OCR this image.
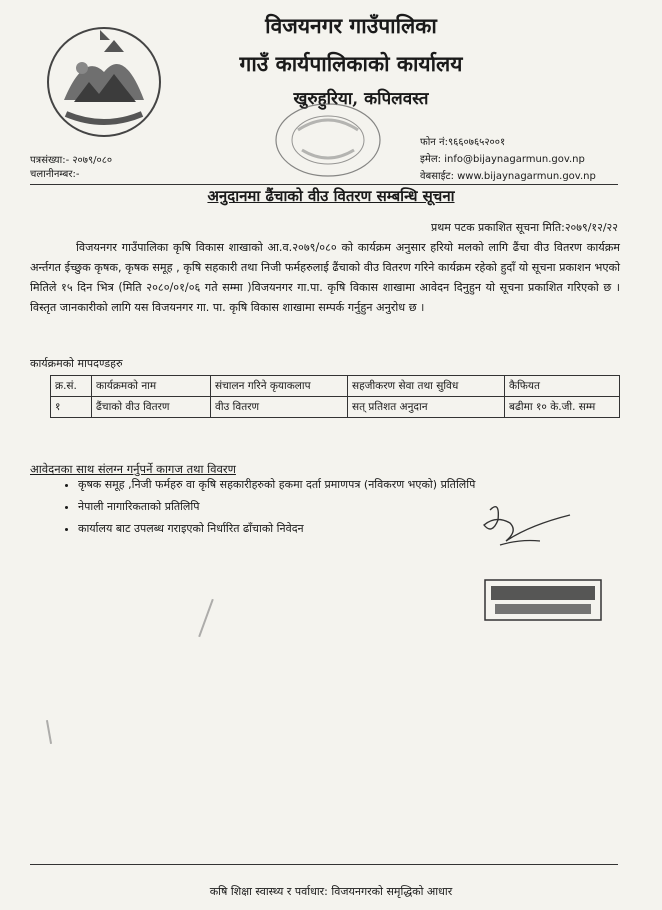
विजयनगर गाउँपालिका
गाउँ कार्यपालिकाको कार्यालय
खुरुहुरिया, कपिलवस्त
पत्रसंख्या:- २०७९/०८०
चलानीनम्बर:-
फोन नं:९६६०७६५२००१
इमेल: info@bijaynagarmun.gov.np
वेबसाईट: www.bijaynagarmun.gov.np
अनुदानमा ढैंचाको वीउ वितरण सम्बन्धि सूचना
प्रथम पटक प्रकाशित सूचना मिति:२०७९/१२/२२
विजयनगर गाउँपालिका कृषि विकास शाखाको आ.व.२०७९/०८० को कार्यक्रम अनुसार हरियो मलको लागि ढैंचा वीउ वितरण कार्यक्रम अर्न्तगत ईच्छुक कृषक, कृषक समूह , कृषि सहकारी तथा निजी फर्महरुलाई ढैंचाको वीउ वितरण गरिने कार्यक्रम रहेको हुदाँ यो सूचना प्रकाशन भएको मितिले १५ दिन भित्र (मिति २०८०/०१/०६ गते सम्मा )विजयनगर गा.पा. कृषि विकास शाखामा आवेदन दिनुहुन यो सूचना प्रकाशित गरिएको छ । विस्तृत जानकारीको लागि यस विजयनगर गा. पा. कृषि विकास शाखामा सम्पर्क गर्नुहुन अनुरोध छ ।
कार्यक्रमको मापदण्डहरु
क्र.सं.	कार्यक्रमको नाम	संचालन गरिने कृयाकलाप	सहजीकरण सेवा तथा सुविध	कैफियत
१	ढैंचाको वीउ वितरण	वीउ वितरण	सत् प्रतिशत अनुदान	बढीमा १० के.जी. सम्म
आवेदनका साथ संलग्न गर्नुपर्ने कागज तथा विवरण
• कृषक समूह ,निजी फर्महरु वा कृषि सहकारीहरुको हकमा दर्ता प्रमाणपत्र (नविकरण भएको) प्रतिलिपि
• नेपाली नागारिकताको प्रतिलिपि
• कार्यालय बाट उपलब्ध गराइएको निर्धारित ढाँचाको निवेदन
कषि शिक्षा स्वास्थ्य र पर्वाधार: विजयनगरको समृद्धिको आधार
